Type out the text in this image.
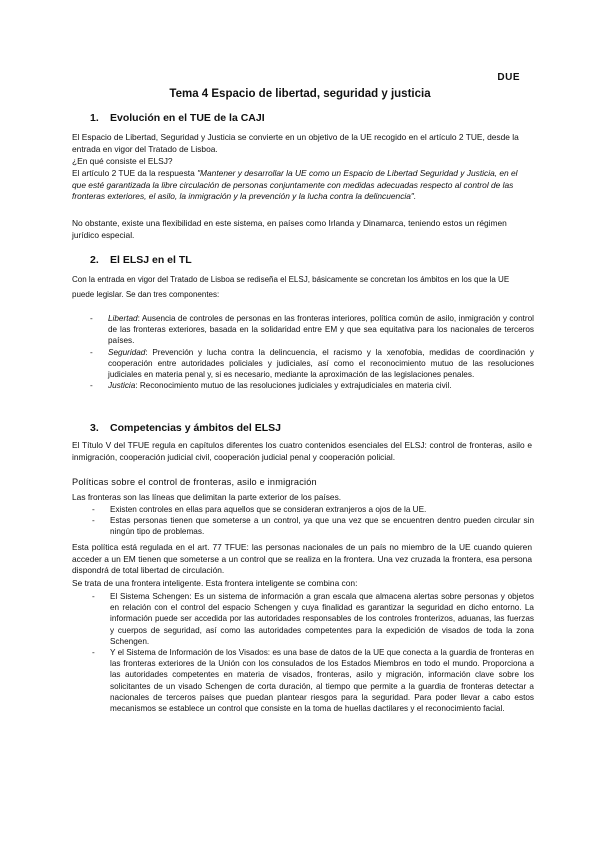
DUE
Tema 4 Espacio de libertad, seguridad y justicia
1. Evolución en el TUE de la CAJI
El Espacio de Libertad, Seguridad y Justicia se convierte en un objetivo de la UE recogido en el artículo 2 TUE, desde la entrada en vigor del Tratado de Lisboa.
¿En qué consiste el ELSJ?
El artículo 2 TUE da la respuesta "Mantener y desarrollar la UE como un Espacio de Libertad Seguridad y Justicia, en el que esté garantizada la libre circulación de personas conjuntamente con medidas adecuadas respecto al control de las fronteras exteriores, el asilo, la inmigración y la prevención y la lucha contra la delincuencia".
No obstante, existe una flexibilidad en este sistema, en países como Irlanda y Dinamarca, teniendo estos un régimen jurídico especial.
2. El ELSJ en el TL
Con la entrada en vigor del Tratado de Lisboa se rediseña el ELSJ, básicamente se concretan los ámbitos en los que la UE puede legislar. Se dan tres componentes:
- Libertad: Ausencia de controles de personas en las fronteras interiores, política común de asilo, inmigración y control de las fronteras exteriores, basada en la solidaridad entre EM y que sea equitativa para los nacionales de terceros países.
- Seguridad: Prevención y lucha contra la delincuencia, el racismo y la xenofobia, medidas de coordinación y cooperación entre autoridades policiales y judiciales, así como el reconocimiento mutuo de las resoluciones judiciales en materia penal y, si es necesario, mediante la aproximación de las legislaciones penales.
- Justicia: Reconocimiento mutuo de las resoluciones judiciales y extrajudiciales en materia civil.
3. Competencias y ámbitos del ELSJ
El Título V del TFUE regula en capítulos diferentes los cuatro contenidos esenciales del ELSJ: control de fronteras, asilo e inmigración, cooperación judicial civil, cooperación judicial penal y cooperación policial.
Políticas sobre el control de fronteras, asilo e inmigración
Las fronteras son las líneas que delimitan la parte exterior de los países.
- Existen controles en ellas para aquellos que se consideran extranjeros a ojos de la UE.
- Estas personas tienen que someterse a un control, ya que una vez que se encuentren dentro pueden circular sin ningún tipo de problemas.
Esta política está regulada en el art. 77 TFUE: las personas nacionales de un país no miembro de la UE cuando quieren acceder a un EM tienen que someterse a un control que se realiza en la frontera. Una vez cruzada la frontera, esa persona dispondrá de total libertad de circulación.
Se trata de una frontera inteligente. Esta frontera inteligente se combina con:
- El Sistema Schengen: Es un sistema de información a gran escala que almacena alertas sobre personas y objetos en relación con el control del espacio Schengen y cuya finalidad es garantizar la seguridad en dicho entorno. La información puede ser accedida por las autoridades responsables de los controles fronterizos, aduanas, las fuerzas y cuerpos de seguridad, así como las autoridades competentes para la expedición de visados de toda la zona Schengen.
- Y el Sistema de Información de los Visados: es una base de datos de la UE que conecta a la guardia de fronteras en las fronteras exteriores de la Unión con los consulados de los Estados Miembros en todo el mundo. Proporciona a las autoridades competentes en materia de visados, fronteras, asilo y migración, información clave sobre los solicitantes de un visado Schengen de corta duración, al tiempo que permite a la guardia de fronteras detectar a nacionales de terceros países que puedan plantear riesgos para la seguridad. Para poder llevar a cabo estos mecanismos se establece un control que consiste en la toma de huellas dactilares y el reconocimiento facial.
